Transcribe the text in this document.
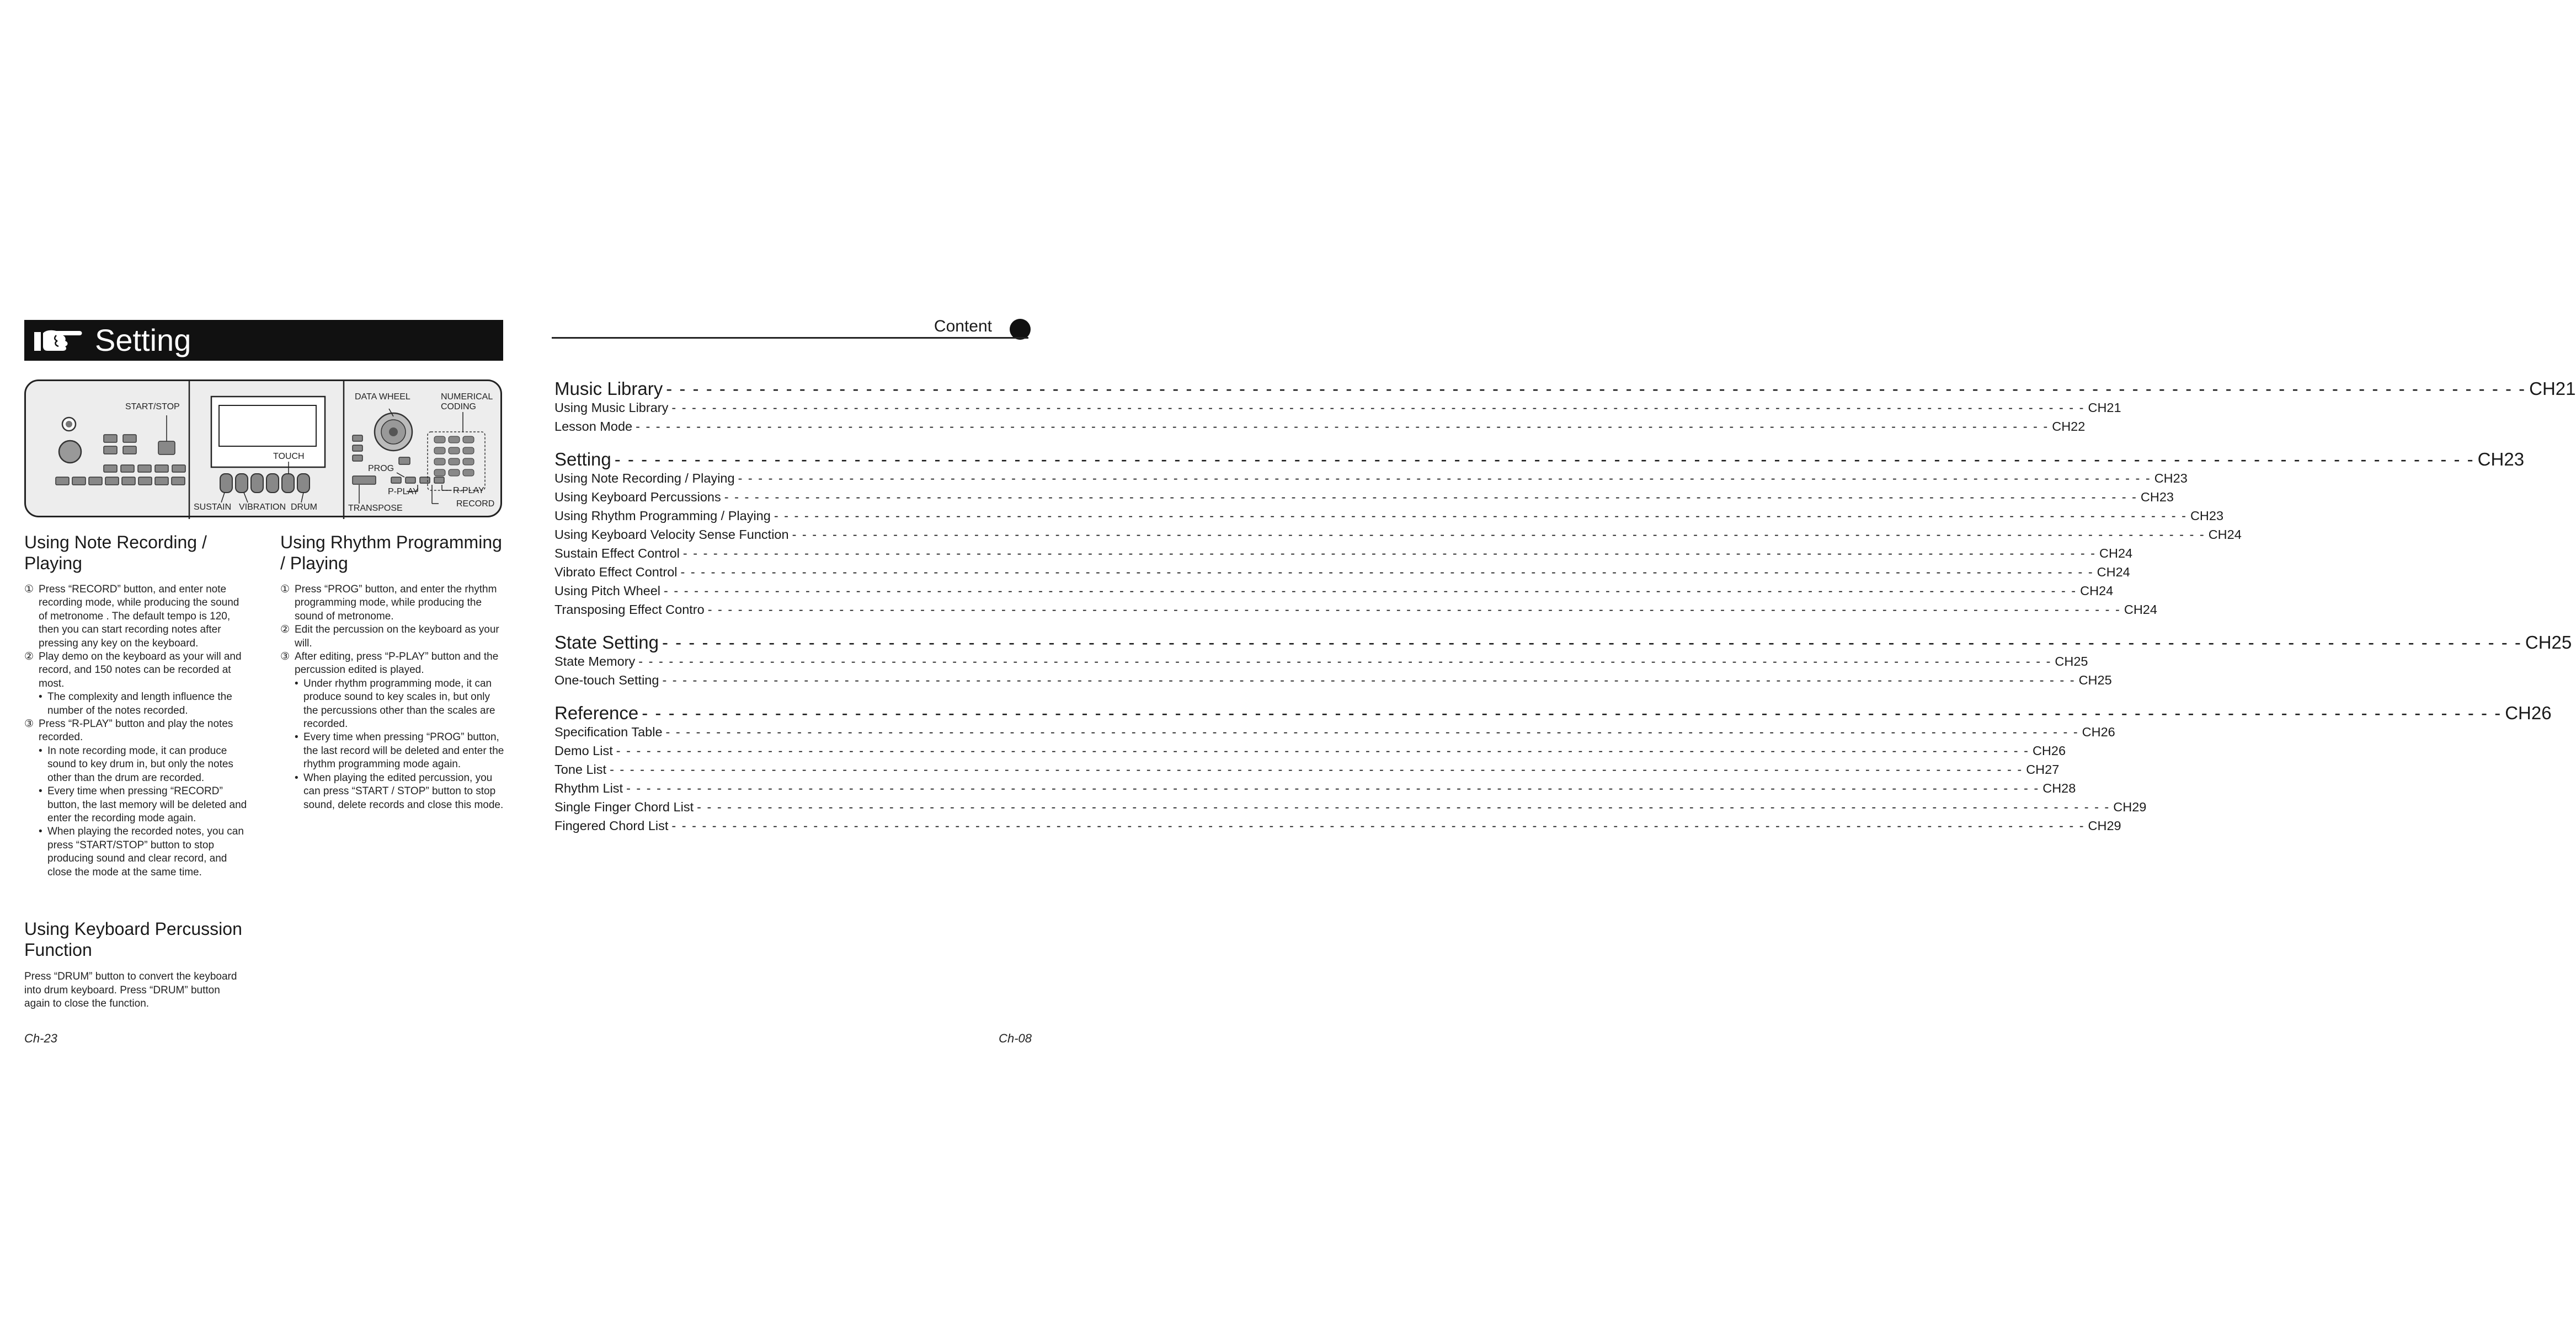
Setting
START/STOP
TOUCH
SUSTAIN VIBRATION DRUM
DATA WHEEL	NUMERICAL
CODING
PROG
P-PLAY	R-PLAY
TRANSPOSE	RECORD
Using Note Recording /
Playing
① Press “RECORD” button, and enter note recording mode, while producing the sound of metronome . The default tempo is 120, then you can start recording notes after pressing any key on the keyboard.
② Play demo on the keyboard as your will and record, and 150 notes can be recorded at most.
• The complexity and length influence the number of the notes recorded.
③ Press “R-PLAY” button and play the notes recorded.
• In note recording mode, it can produce sound to key drum in, but only the notes other than the drum are recorded.
• Every time when pressing “RECORD” button, the last memory will be deleted and enter the recording mode again.
• When playing the recorded notes, you can press “START/STOP” button to stop producing sound and clear record, and close the mode at the same time.
Using Rhythm Programming
/ Playing
① Press “PROG” button, and enter the rhythm programming mode, while producing the sound of metronome.
② Edit the percussion on the keyboard as your will.
③ After editing, press “P-PLAY” button and the percussion edited is played.
• Under rhythm programming mode, it can produce sound to key scales in, but only the percussions other than the scales are recorded.
• Every time when pressing “PROG” button, the last record will be deleted and enter the rhythm programming mode again.
• When playing the edited percussion, you can press “START / STOP” button to stop sound, delete records and close this mode.
Using Keyboard Percussion
Function
Press “DRUM” button to convert the keyboard into drum keyboard. Press “DRUM” button again to close the function.
Ch-23
Content
Music Library - - - - - - - - - - - - - - - - - - - - - - - - - - - - - - - - - - - - - - - - - - - - - - - - - - - - - - - - - - - - - - - - - - - - - - - - - - - - - - - - - - - - - - - - - - - - - - - - - - - - - - - - - - - - - - - - - - - - - - - - - - - - - - - - - - - - - - - - - - - - CH21
Using Music Library - - - - - - - - - - - - - - - - - - - - - - - - - - - - - - - - - - - - - - - - - - - - - - - - - - - - - - - - - - - - - - - - - - - - - - - - - - - - - - - - - - - - - - - - - - - - - - - - - - - - - - - - - - - - - - - - - - - - - - - - - - - - - - - - - - - - - - - - - - - - CH21
Lesson Mode - - - - - - - - - - - - - - - - - - - - - - - - - - - - - - - - - - - - - - - - - - - - - - - - - - - - - - - - - - - - - - - - - - - - - - - - - - - - - - - - - - - - - - - - - - - - - - - - - - - - - - - - - - - - - - - - - - - - - - - - - - - - - - - - - - - - - - - - - - - - CH22
Setting - - - - - - - - - - - - - - - - - - - - - - - - - - - - - - - - - - - - - - - - - - - - - - - - - - - - - - - - - - - - - - - - - - - - - - - - - - - - - - - - - - - - - - - - - - - - - - - - - - - - - - - - - - - - - - - - - - - - - - - - - - - - - - - - - - - - - - - - - - - - CH23
Using Note Recording / Playing - - - - - - - - - - - - - - - - - - - - - - - - - - - - - - - - - - - - - - - - - - - - - - - - - - - - - - - - - - - - - - - - - - - - - - - - - - - - - - - - - - - - - - - - - - - - - - - - - - - - - - - - - - - - - - - - - - - - - - - - - - - - - - - - - - - - - - - - - - - - CH23
Using Keyboard Percussions - - - - - - - - - - - - - - - - - - - - - - - - - - - - - - - - - - - - - - - - - - - - - - - - - - - - - - - - - - - - - - - - - - - - - - - - - - - - - - - - - - - - - - - - - - - - - - - - - - - - - - - - - - - - - - - - - - - - - - - - - - - - - - - - - - - - - - - - - - - - CH23
Using Rhythm Programming / Playing - - - - - - - - - - - - - - - - - - - - - - - - - - - - - - - - - - - - - - - - - - - - - - - - - - - - - - - - - - - - - - - - - - - - - - - - - - - - - - - - - - - - - - - - - - - - - - - - - - - - - - - - - - - - - - - - - - - - - - - - - - - - - - - - - - - - - - - - - - - - CH23
Using Keyboard Velocity Sense Function - - - - - - - - - - - - - - - - - - - - - - - - - - - - - - - - - - - - - - - - - - - - - - - - - - - - - - - - - - - - - - - - - - - - - - - - - - - - - - - - - - - - - - - - - - - - - - - - - - - - - - - - - - - - - - - - - - - - - - - - - - - - - - - - - - - - - - - - - - - - CH24
Sustain Effect Control - - - - - - - - - - - - - - - - - - - - - - - - - - - - - - - - - - - - - - - - - - - - - - - - - - - - - - - - - - - - - - - - - - - - - - - - - - - - - - - - - - - - - - - - - - - - - - - - - - - - - - - - - - - - - - - - - - - - - - - - - - - - - - - - - - - - - - - - - - - - CH24
Vibrato Effect Control - - - - - - - - - - - - - - - - - - - - - - - - - - - - - - - - - - - - - - - - - - - - - - - - - - - - - - - - - - - - - - - - - - - - - - - - - - - - - - - - - - - - - - - - - - - - - - - - - - - - - - - - - - - - - - - - - - - - - - - - - - - - - - - - - - - - - - - - - - - - CH24
Using Pitch Wheel - - - - - - - - - - - - - - - - - - - - - - - - - - - - - - - - - - - - - - - - - - - - - - - - - - - - - - - - - - - - - - - - - - - - - - - - - - - - - - - - - - - - - - - - - - - - - - - - - - - - - - - - - - - - - - - - - - - - - - - - - - - - - - - - - - - - - - - - - - - - CH24
Transposing Effect Contro - - - - - - - - - - - - - - - - - - - - - - - - - - - - - - - - - - - - - - - - - - - - - - - - - - - - - - - - - - - - - - - - - - - - - - - - - - - - - - - - - - - - - - - - - - - - - - - - - - - - - - - - - - - - - - - - - - - - - - - - - - - - - - - - - - - - - - - - - - - - CH24
State Setting - - - - - - - - - - - - - - - - - - - - - - - - - - - - - - - - - - - - - - - - - - - - - - - - - - - - - - - - - - - - - - - - - - - - - - - - - - - - - - - - - - - - - - - - - - - - - - - - - - - - - - - - - - - - - - - - - - - - - - - - - - - - - - - - - - - - - - - - - - - - CH25
State Memory - - - - - - - - - - - - - - - - - - - - - - - - - - - - - - - - - - - - - - - - - - - - - - - - - - - - - - - - - - - - - - - - - - - - - - - - - - - - - - - - - - - - - - - - - - - - - - - - - - - - - - - - - - - - - - - - - - - - - - - - - - - - - - - - - - - - - - - - - - - - CH25
One-touch Setting - - - - - - - - - - - - - - - - - - - - - - - - - - - - - - - - - - - - - - - - - - - - - - - - - - - - - - - - - - - - - - - - - - - - - - - - - - - - - - - - - - - - - - - - - - - - - - - - - - - - - - - - - - - - - - - - - - - - - - - - - - - - - - - - - - - - - - - - - - - - CH25
Reference - - - - - - - - - - - - - - - - - - - - - - - - - - - - - - - - - - - - - - - - - - - - - - - - - - - - - - - - - - - - - - - - - - - - - - - - - - - - - - - - - - - - - - - - - - - - - - - - - - - - - - - - - - - - - - - - - - - - - - - - - - - - - - - - - - - - - - - - - - - - CH26
Specification Table - - - - - - - - - - - - - - - - - - - - - - - - - - - - - - - - - - - - - - - - - - - - - - - - - - - - - - - - - - - - - - - - - - - - - - - - - - - - - - - - - - - - - - - - - - - - - - - - - - - - - - - - - - - - - - - - - - - - - - - - - - - - - - - - - - - - - - - - - - - - CH26
Demo List - - - - - - - - - - - - - - - - - - - - - - - - - - - - - - - - - - - - - - - - - - - - - - - - - - - - - - - - - - - - - - - - - - - - - - - - - - - - - - - - - - - - - - - - - - - - - - - - - - - - - - - - - - - - - - - - - - - - - - - - - - - - - - - - - - - - - - - - - - - - CH26
Tone List - - - - - - - - - - - - - - - - - - - - - - - - - - - - - - - - - - - - - - - - - - - - - - - - - - - - - - - - - - - - - - - - - - - - - - - - - - - - - - - - - - - - - - - - - - - - - - - - - - - - - - - - - - - - - - - - - - - - - - - - - - - - - - - - - - - - - - - - - - - - CH27
Rhythm List - - - - - - - - - - - - - - - - - - - - - - - - - - - - - - - - - - - - - - - - - - - - - - - - - - - - - - - - - - - - - - - - - - - - - - - - - - - - - - - - - - - - - - - - - - - - - - - - - - - - - - - - - - - - - - - - - - - - - - - - - - - - - - - - - - - - - - - - - - - - CH28
Single Finger Chord List - - - - - - - - - - - - - - - - - - - - - - - - - - - - - - - - - - - - - - - - - - - - - - - - - - - - - - - - - - - - - - - - - - - - - - - - - - - - - - - - - - - - - - - - - - - - - - - - - - - - - - - - - - - - - - - - - - - - - - - - - - - - - - - - - - - - - - - - - - - - CH29
Fingered Chord List - - - - - - - - - - - - - - - - - - - - - - - - - - - - - - - - - - - - - - - - - - - - - - - - - - - - - - - - - - - - - - - - - - - - - - - - - - - - - - - - - - - - - - - - - - - - - - - - - - - - - - - - - - - - - - - - - - - - - - - - - - - - - - - - - - - - - - - - - - - - CH29
Ch-08
